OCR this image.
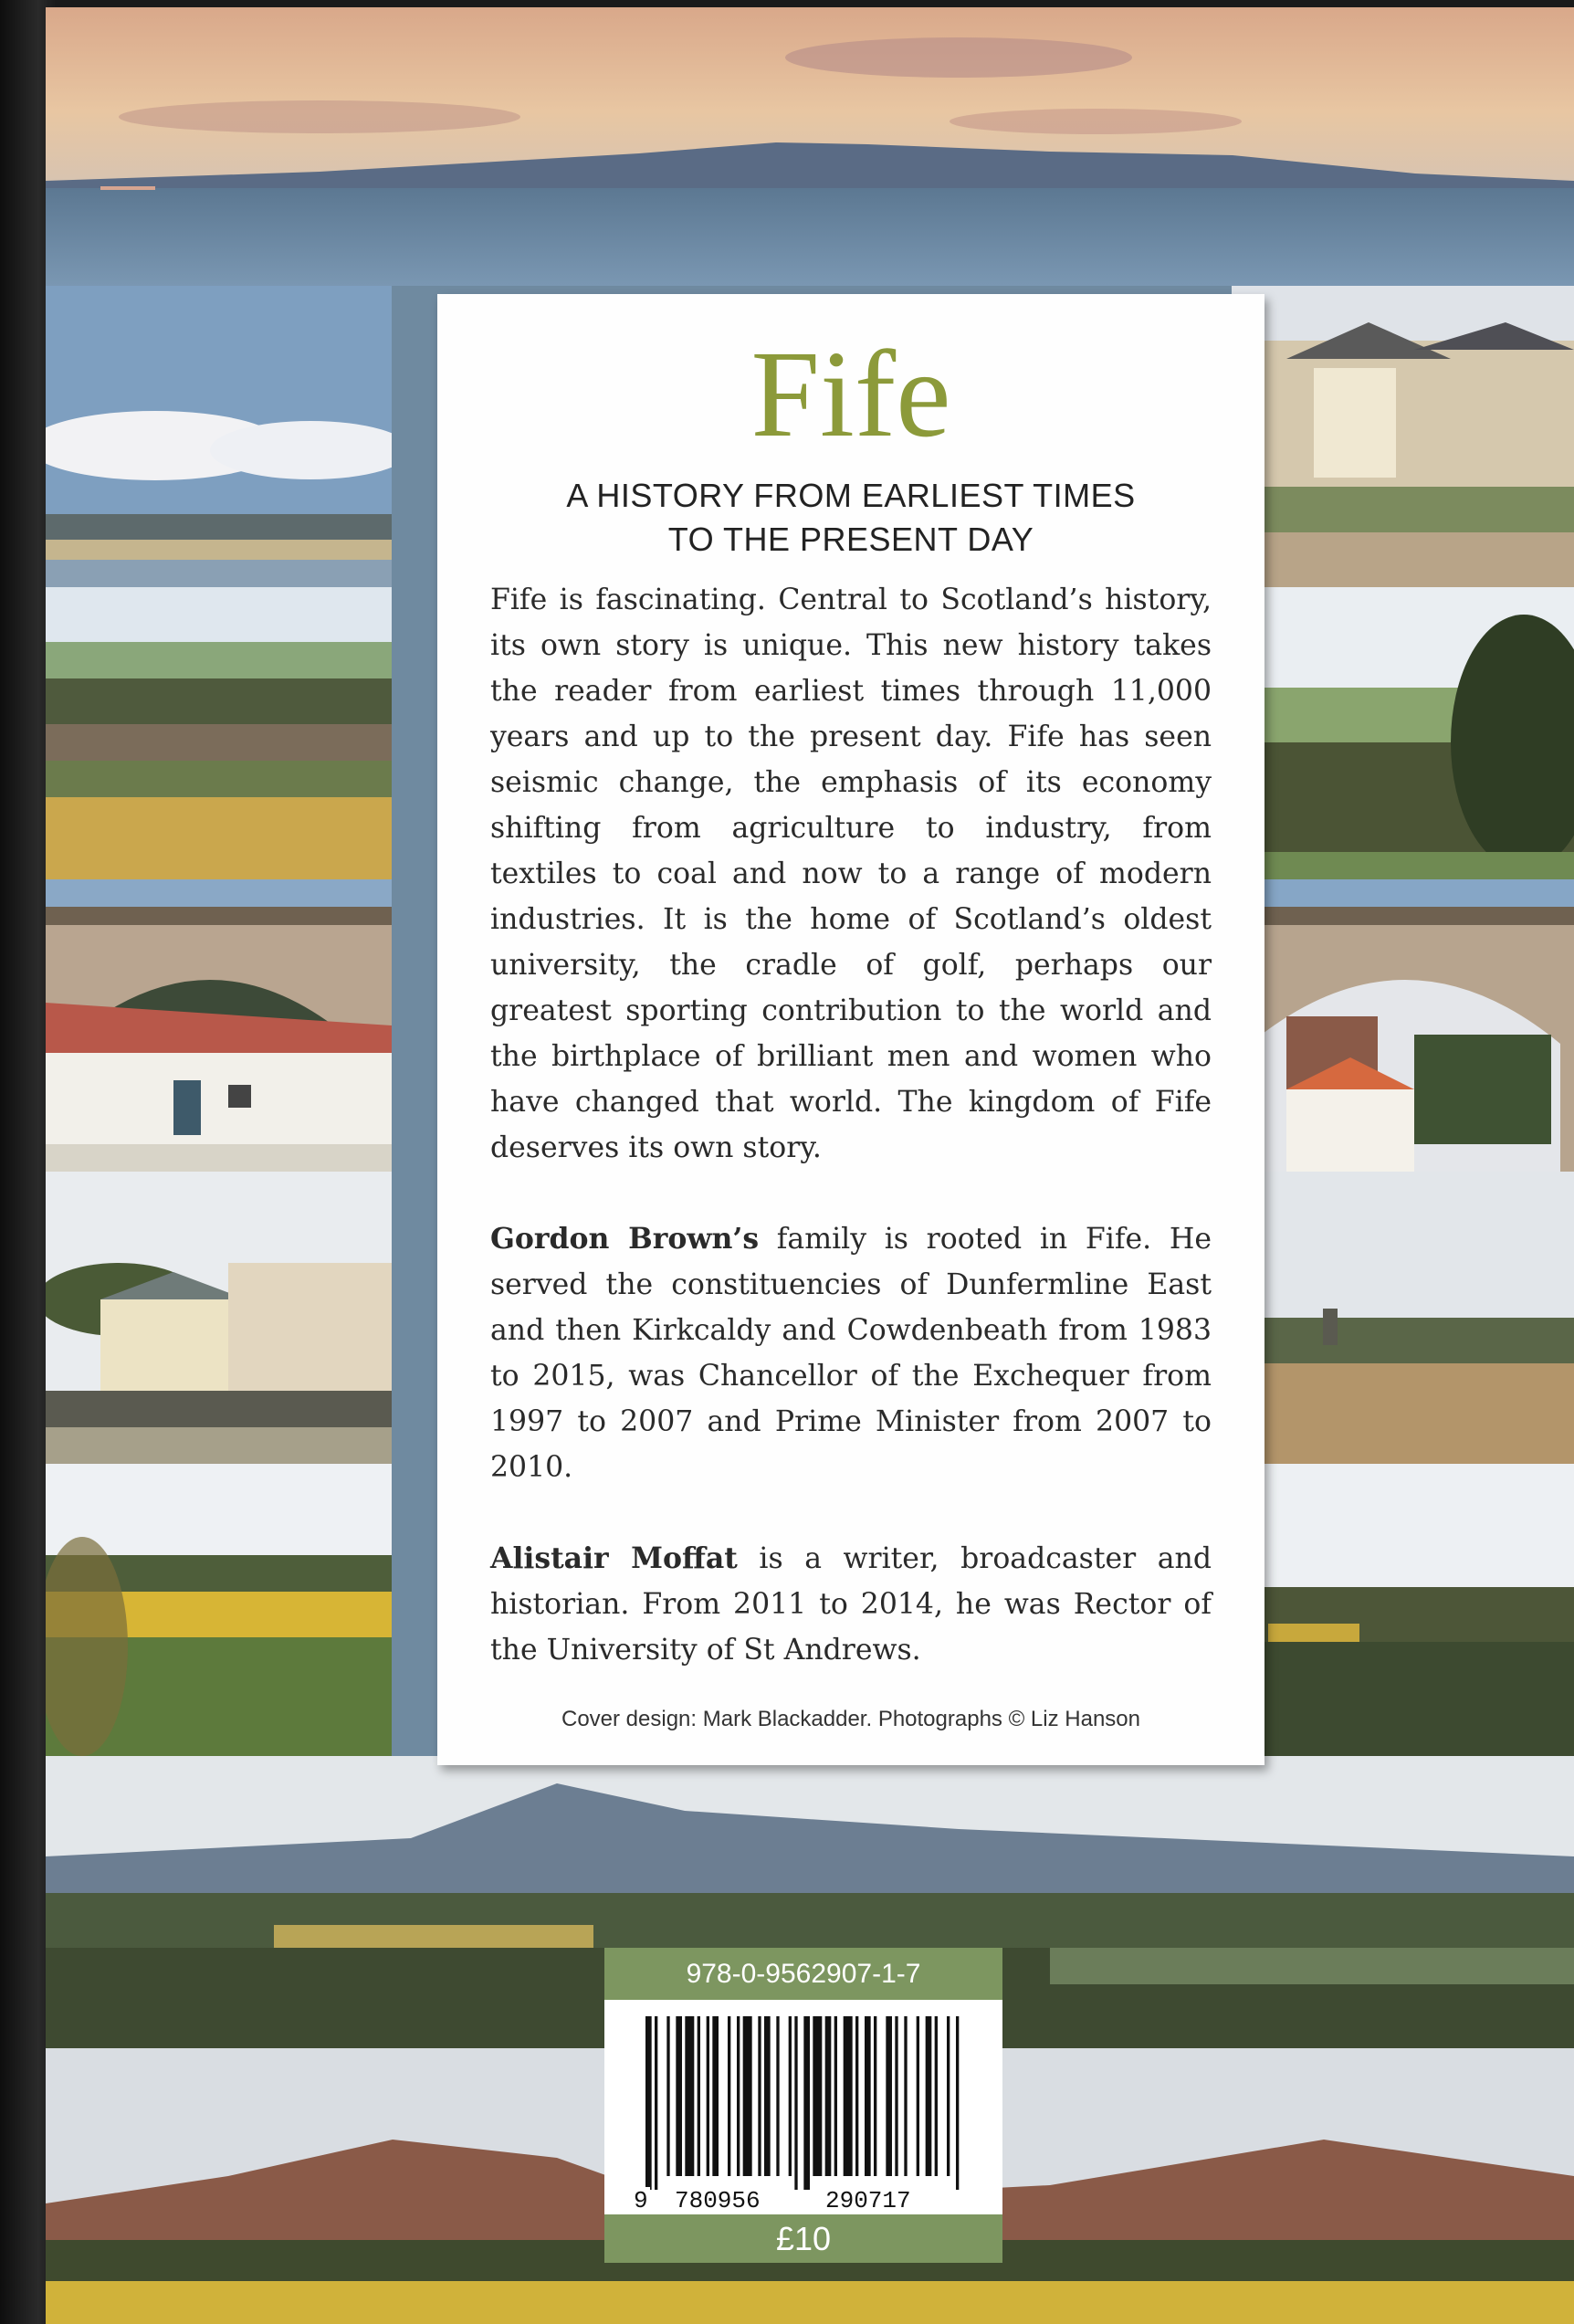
Fife
A HISTORY FROM EARLIEST TIMES
TO THE PRESENT DAY

Fife is fascinating. Central to Scotland’s history, its own story is unique. This new history takes the reader from earliest times through 11,000 years and up to the present day. Fife has seen seismic change, the emphasis of its economy shifting from agriculture to industry, from textiles to coal and now to a range of modern industries. It is the home of Scotland’s oldest university, the cradle of golf, perhaps our greatest sporting contribution to the world and the birthplace of brilliant men and women who have changed that world. The kingdom of Fife deserves its own story.

Gordon Brown’s family is rooted in Fife. He served the constituencies of Dunfermline East and then Kirkcaldy and Cowdenbeath from 1983 to 2015, was Chancellor of the Exchequer from 1997 to 2007 and Prime Minister from 2007 to 2010.

Alistair Moffat is a writer, broadcaster and historian. From 2011 to 2014, he was Rector of the University of St Andrews.

Cover design: Mark Blackadder. Photographs © Liz Hanson
978-0-9562907-1-7
9 780956	290717
£10
